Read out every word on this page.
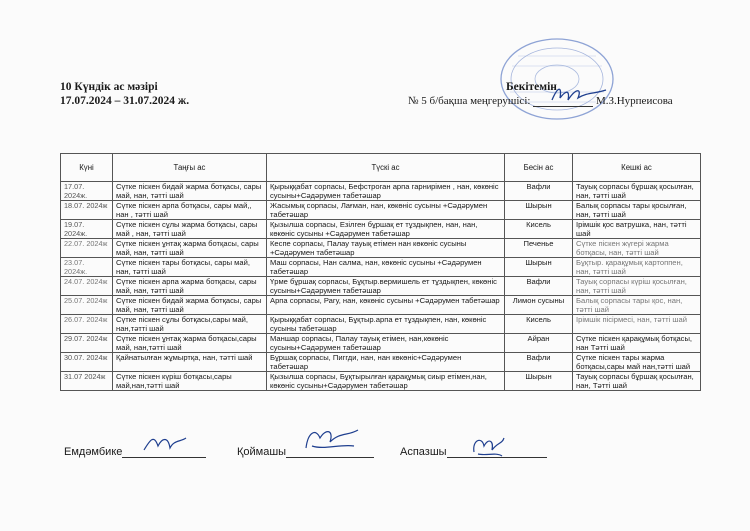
10 Күндік ас мәзірі
17.07.2024 – 31.07.2024 ж.
Бекітемін
№ 5 б/бақша меңгерушісі:	М.З.Нурпеисова
Күні	Таңғы ас	Түскі ас	Бесін ас	Кешкі ас
17.07. 2024ж.	Сүтке піскен бидай жарма ботқасы, сары май, нан, тәтті шай	Қырыққабат сорпасы, Бефстроган арпа гарнирімен , нан, көкөніс сусыны+Сәдәрумен табетәшар	Вафли	Тауық сорпасы бұршақ қосылған, нан, тәтті шай
18.07. 2024ж	Сүтке піскен арпа ботқасы, сары май,, нан , тәтті шай	Жасымық сорпасы, Лағман, нан, көкөніс сусыны +Сәдәрумен табетәшар	Шырын	Балық сорпасы тары қосылған, нан, тәтті шай
19.07. 2024ж.	Сүтке піскен сұлы жарма ботқасы, сары май , нан, тәтті шай	Қызылша сорпасы, Езілген бұршақ ет тұздықпен, нан, нан, көкөніс сусыны +Сәдәрумен табетәшар	Кисель	Ірімшік қос ватрушка, нан, тәтті шай
22.07. 2024ж	Сүтке піскен ұнтақ жарма ботқасы, сары май, нан, тәтті шай	Кеспе сорпасы, Палау тауық етімен нан көкөніс сусыны +Сәдәрумен табетәшар	Печенье	Сүтке піскен жүгері жарма ботқасы, нан, тәтті шай
23.07. 2024ж.	Сүтке піскен тары ботқасы, сары май, нан, тәтті шай	Маш сорпасы, Нан салма, нан, көкөніс сусыны +Сәдәрумен табетәшар	Шырын	Бұқтыр. қарақұмық картоппен, нан, тәтті шай
24.07. 2024ж	Сүтке піскен арпа жарма ботқасы, сары май, нан, тәтті шай	Үрме бұршақ сорпасы, Бұқтыр.вермишель ет тұздықпен, көкөніс сусыны+Сәдәрумен табетәшар	Вафли	Тауық сорпасы күріш қосылған, нан, тәтті шай
25.07. 2024ж	Сүтке піскен бидай жарма ботқасы, сары май, нан, тәтті шай	Арпа сорпасы, Рагу, нан, көкөніс сусыны +Сәдәрумен табетәшар	Лимон сусыны	Балық сорпасы тары қос, нан, тәтті шай
26.07. 2024ж	Сүтке піскен сұлы ботқасы,сары май, нан,тәтті шай	Қырыққабат сорпасы, Бұқтыр.арпа ет тұздықпен, нан, көкөніс сусыны табетәшар	Кисель	Ірімшік пісірмесі, нан, тәтті шай
29.07. 2024ж	Сүтке піскен ұнтақ жарма ботқасы,сары май, нан,тәтті шай	Маншар сорпасы, Палау тауық етімен, нан,көкөніс сусыны+Сәдәрумен табетәшар	Айран	Сүтке піскен қарақұмық ботқасы, нан Тәтті шай
30.07. 2024ж	Қайнатылған жұмыртқа, нан, тәтті шай	Бұршақ сорпасы, Пиггди, нан, нан көкөніс+Сәдәрумен табетәшар	Вафли	Сүтке піскен тары жарма ботқасы,сары май нан,тәтті шай
31.07 2024ж	Сүтке піскен күріш ботқасы,сары май,нан,тәтті шай	Қызылша сорпасы, Бұқтырылған қарақұмық сиыр етімен,нан, көкөніс сусыны+Сәдәрумен табетәшар	Шырын	Тауық сорпасы бұршақ қосылған, нан, Тәтті шай
Емдәмбике	Қоймашы	Аспазшы
